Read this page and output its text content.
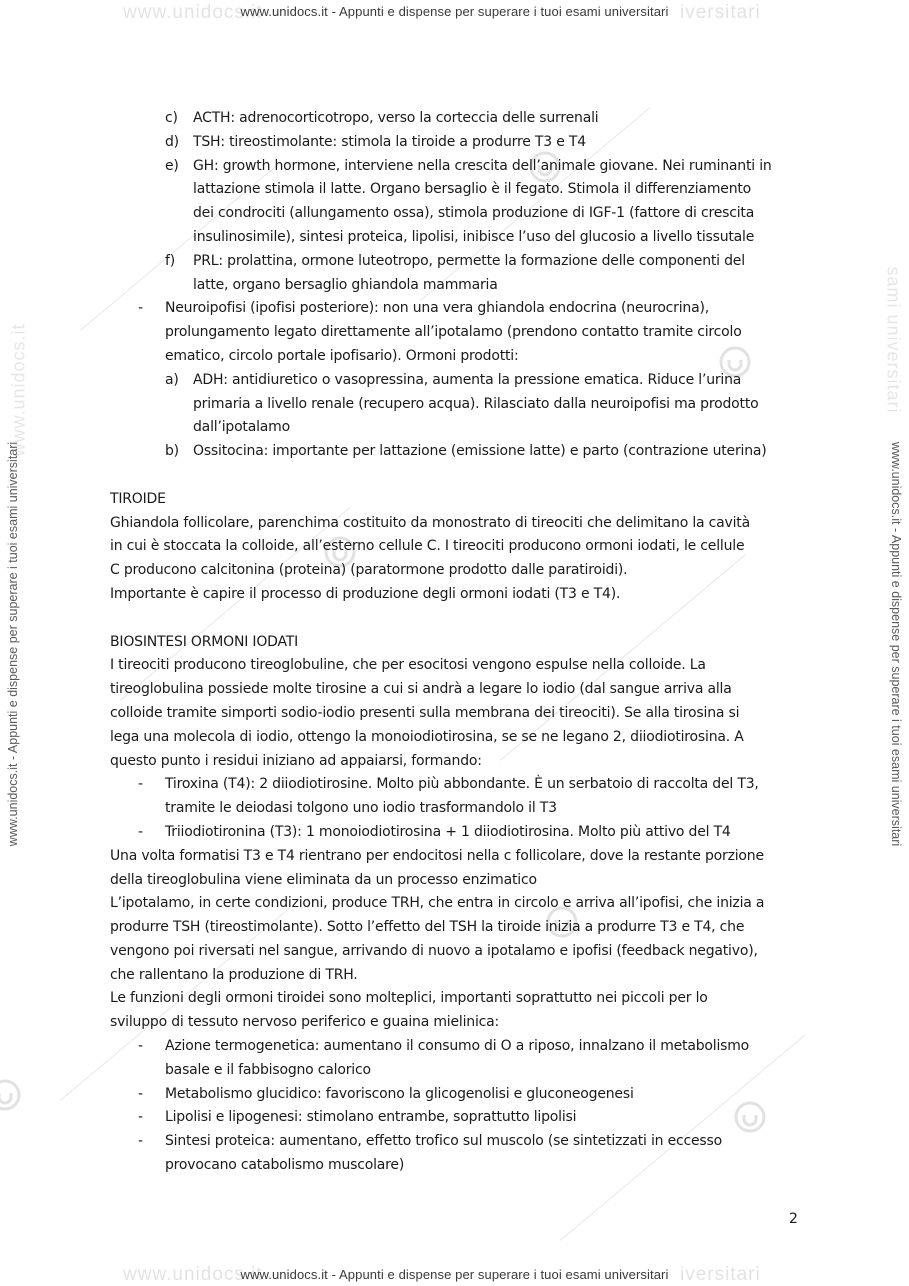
www.unidocs.it	iversitari
www.unidocs.it - Appunti e dispense per superare i tuoi esami universitari
www.unidocs.it	iversitari
www.unidocs.it - Appunti e dispense per superare i tuoi esami universitari
www.unidocs.it
www.unidocs.it - Appunti e dispense per superare i tuoi esami universitari
sami universitari
www.unidocs.it - Appunti e dispense per superare i tuoi esami universitari
c)	ACTH: adrenocorticotropo, verso la corteccia delle surrenali
d)	TSH: tireostimolante: stimola la tiroide a produrre T3 e T4
e)	GH: growth hormone, interviene nella crescita dell’animale giovane. Nei ruminanti in
lattazione stimola il latte. Organo bersaglio è il fegato. Stimola il differenziamento
dei condrociti (allungamento ossa), stimola produzione di IGF-1 (fattore di crescita
insulinosimile), sintesi proteica, lipolisi, inibisce l’uso del glucosio a livello tissutale
f)	PRL: prolattina, ormone luteotropo, permette la formazione delle componenti del
latte, organo bersaglio ghiandola mammaria
- Neuroipofisi (ipofisi posteriore): non una vera ghiandola endocrina (neurocrina),
prolungamento legato direttamente all’ipotalamo (prendono contatto tramite circolo
ematico, circolo portale ipofisario). Ormoni prodotti:
a)	ADH: antidiuretico o vasopressina, aumenta la pressione ematica. Riduce l’urina
primaria a livello renale (recupero acqua). Rilasciato dalla neuroipofisi ma prodotto
dall’ipotalamo
b)	Ossitocina: importante per lattazione (emissione latte) e parto (contrazione uterina)
TIROIDE
Ghiandola follicolare, parenchima costituito da monostrato di tireociti che delimitano la cavità
in cui è stoccata la colloide, all’esterno cellule C. I tireociti producono ormoni iodati, le cellule
C producono calcitonina (proteina) (paratormone prodotto dalle paratiroidi).
Importante è capire il processo di produzione degli ormoni iodati (T3 e T4).
BIOSINTESI ORMONI IODATI
I tireociti producono tireoglobuline, che per esocitosi vengono espulse nella colloide. La
tireoglobulina possiede molte tirosine a cui si andrà a legare lo iodio (dal sangue arriva alla
colloide tramite simporti sodio-iodio presenti sulla membrana dei tireociti). Se alla tirosina si
lega una molecola di iodio, ottengo la monoiodiotirosina, se se ne legano 2, diiodiotirosina. A
questo punto i residui iniziano ad appaiarsi, formando:
- Tiroxina (T4): 2 diiodiotirosine. Molto più abbondante. È un serbatoio di raccolta del T3,
tramite le deiodasi tolgono uno iodio trasformandolo il T3
- Triiodiotironina (T3): 1 monoiodiotirosina + 1 diiodiotirosina. Molto più attivo del T4
Una volta formatisi T3 e T4 rientrano per endocitosi nella c follicolare, dove la restante porzione
della tireoglobulina viene eliminata da un processo enzimatico
L’ipotalamo, in certe condizioni, produce TRH, che entra in circolo e arriva all’ipofisi, che inizia a
produrre TSH (tireostimolante). Sotto l’effetto del TSH la tiroide inizia a produrre T3 e T4, che
vengono poi riversati nel sangue, arrivando di nuovo a ipotalamo e ipofisi (feedback negativo),
che rallentano la produzione di TRH.
Le funzioni degli ormoni tiroidei sono molteplici, importanti soprattutto nei piccoli per lo
sviluppo di tessuto nervoso periferico e guaina mielinica:
- Azione termogenetica: aumentano il consumo di O a riposo, innalzano il metabolismo
basale e il fabbisogno calorico
- Metabolismo glucidico: favoriscono la glicogenolisi e gluconeogenesi
- Lipolisi e lipogenesi: stimolano entrambe, soprattutto lipolisi
- Sintesi proteica: aumentano, effetto trofico sul muscolo (se sintetizzati in eccesso
provocano catabolismo muscolare)
2
